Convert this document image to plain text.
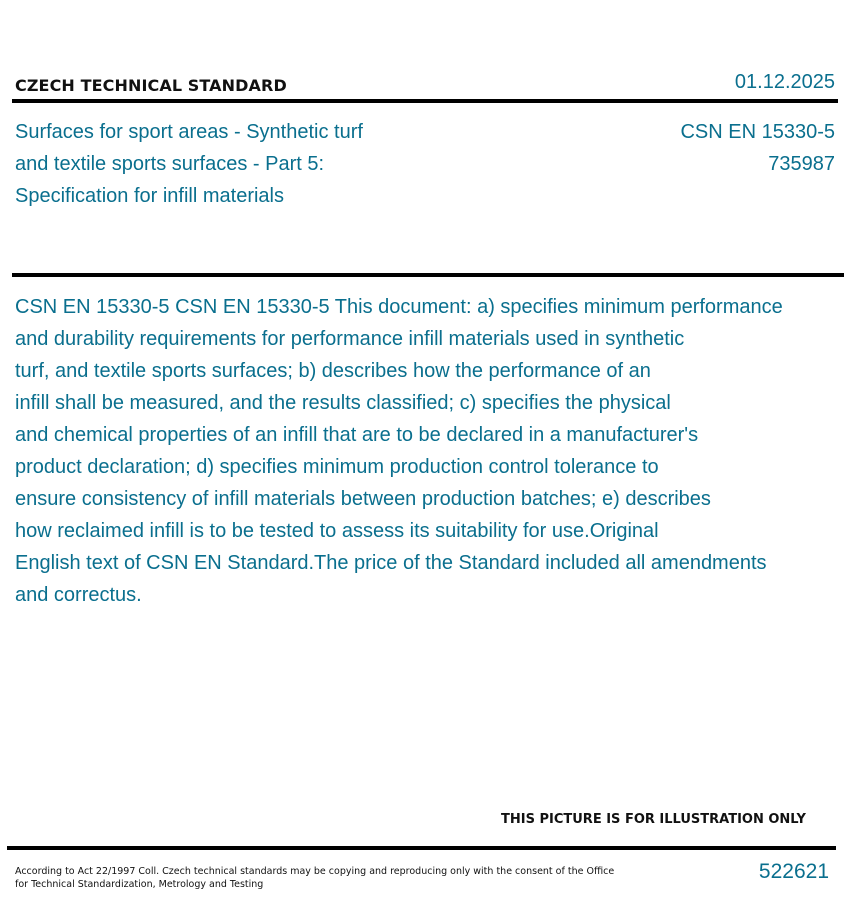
CZECH TECHNICAL STANDARD	01.12.2025
Surfaces for sport areas - Synthetic turf
and textile sports surfaces - Part 5:
Specification for infill materials
CSN EN 15330-5
735987
CSN EN 15330-5 CSN EN 15330-5 This document: a) specifies minimum performance
and durability requirements for performance infill materials used in synthetic
turf, and textile sports surfaces; b) describes how the performance of an
infill shall be measured, and the results classified; c) specifies the physical
and chemical properties of an infill that are to be declared in a manufacturer's
product declaration; d) specifies minimum production control tolerance to
ensure consistency of infill materials between production batches; e) describes
how reclaimed infill is to be tested to assess its suitability for use.Original
English text of CSN EN Standard.The price of the Standard included all amendments
and correctus.
THIS PICTURE IS FOR ILLUSTRATION ONLY
According to Act 22/1997 Coll. Czech technical standards may be copying and reproducing only with the consent of the Office
for Technical Standardization, Metrology and Testing
522621
